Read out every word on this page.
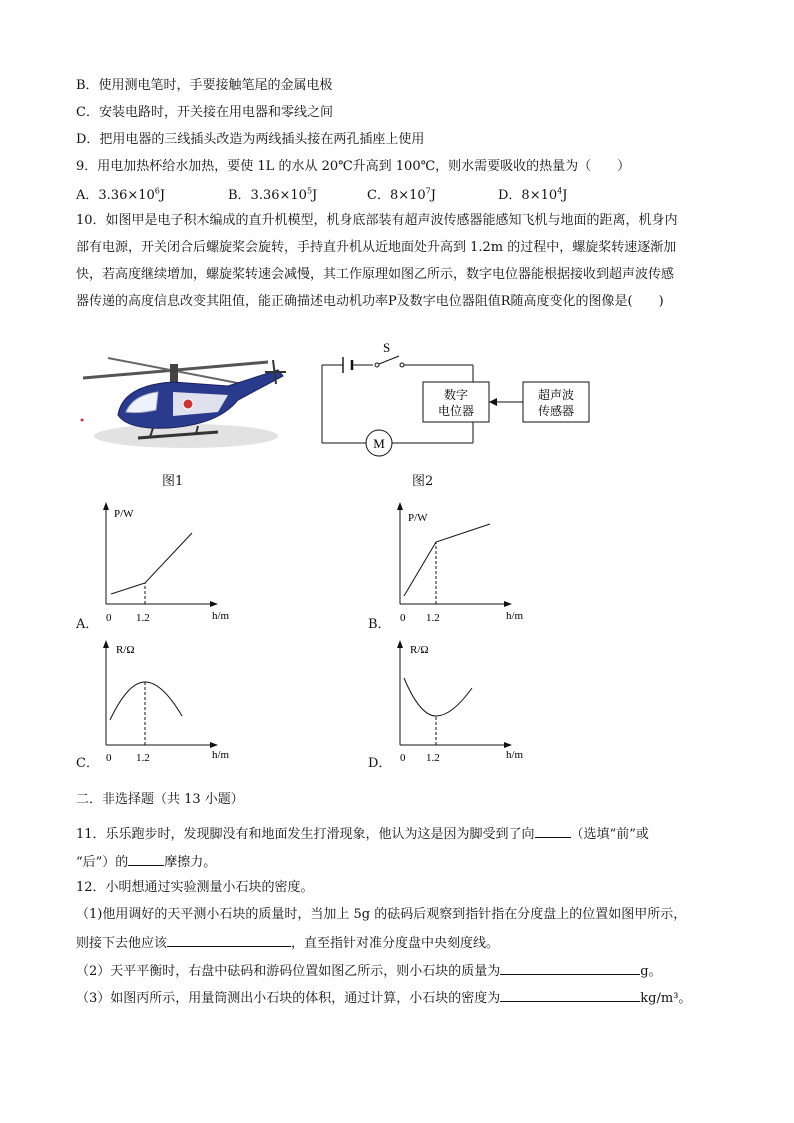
B．使用测电笔时，手要接触笔尾的金属电极
C．安装电路时，开关接在用电器和零线之间
D．把用电器的三线插头改造为两线插头接在两孔插座上使用
9．用电加热杯给水加热，要使 1L 的水从 20℃升高到 100℃，则水需要吸收的热量为（　　）
A．$3.36\times 10^6J$	B．$3.36\times 10^5J$	C．$8\times 10^7J$	D．$8\times 10^4J$
10．如图甲是电子积木编成的直升机模型，机身底部装有超声波传感器能感知飞机与地面的距离，机身内
部有电源，开关闭合后螺旋桨会旋转，手持直升机从近地面处升高到 1.2m 的过程中，螺旋桨转速逐渐加
快，若高度继续增加，螺旋桨转速会减慢，其工作原理如图乙所示，数字电位器能根据接收到超声波传感
器传递的高度信息改变其阻值，能正确描述电动机功率P及数字电位器阻值R随高度变化的图像是(　　)
图1
S
数字
电位器
超声波
传感器
M
图2
A．
P/W
h/m
0 1.2	B．
P/W
h/m
0 1.2
C．
R/Ω
h/m
0 1.2	D．
R/Ω
h/m
0 1.2
二．非选择题（共 13 小题）
11．乐乐跑步时，发现脚没有和地面发生打滑现象，他认为这是因为脚受到了向	（选填“前”或
“后”）的	摩擦力。
12．小明想通过实验测量小石块的密度。
（1)他用调好的天平测小石块的质量时，当加上 5g 的砝码后观察到指针指在分度盘上的位置如图甲所示，
则接下去他应该	，直至指针对准分度盘中央刻度线。
（2）天平平衡时，右盘中砝码和游码位置如图乙所示，则小石块的质量为	g。
（3）如图丙所示，用量筒测出小石块的体积，通过计算，小石块的密度为	kg/m³。
